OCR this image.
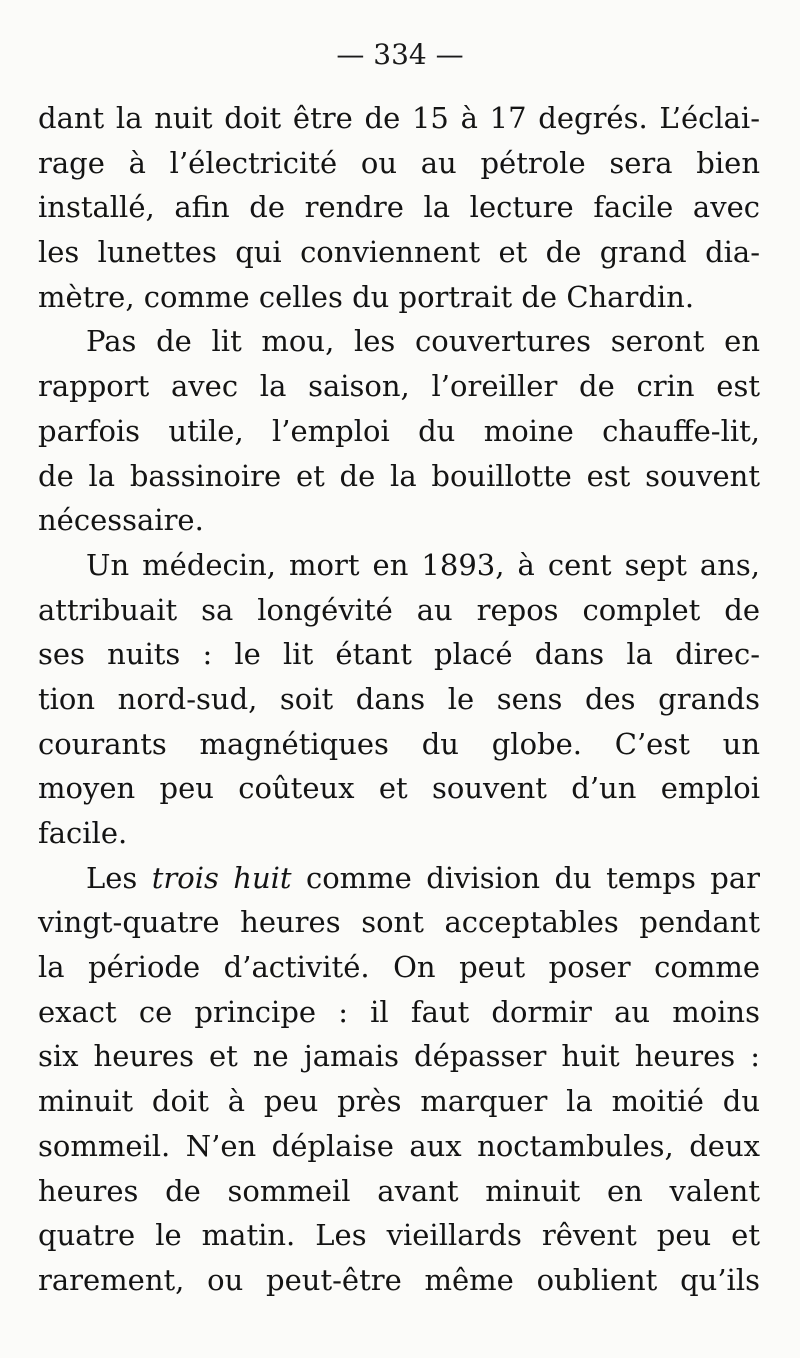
— 334 —
dant la nuit doit être de 15 à 17 degrés. L’éclai-
rage à l’électricité ou au pétrole sera bien
installé, afin de rendre la lecture facile avec
les lunettes qui conviennent et de grand dia-
mètre, comme celles du portrait de Chardin.
Pas de lit mou, les couvertures seront en
rapport avec la saison, l’oreiller de crin est
parfois utile, l’emploi du moine chauffe-lit,
de la bassinoire et de la bouillotte est souvent
nécessaire.
Un médecin, mort en 1893, à cent sept ans,
attribuait sa longévité au repos complet de
ses nuits : le lit étant placé dans la direc-
tion nord-sud, soit dans le sens des grands
courants magnétiques du globe. C’est un
moyen peu coûteux et souvent d’un emploi
facile.
Les trois huit comme division du temps par
vingt-quatre heures sont acceptables pendant
la période d’activité. On peut poser comme
exact ce principe : il faut dormir au moins
six heures et ne jamais dépasser huit heures :
minuit doit à peu près marquer la moitié du
sommeil. N’en déplaise aux noctambules, deux
heures de sommeil avant minuit en valent
quatre le matin. Les vieillards rêvent peu et
rarement, ou peut-être même oublient qu’ils
